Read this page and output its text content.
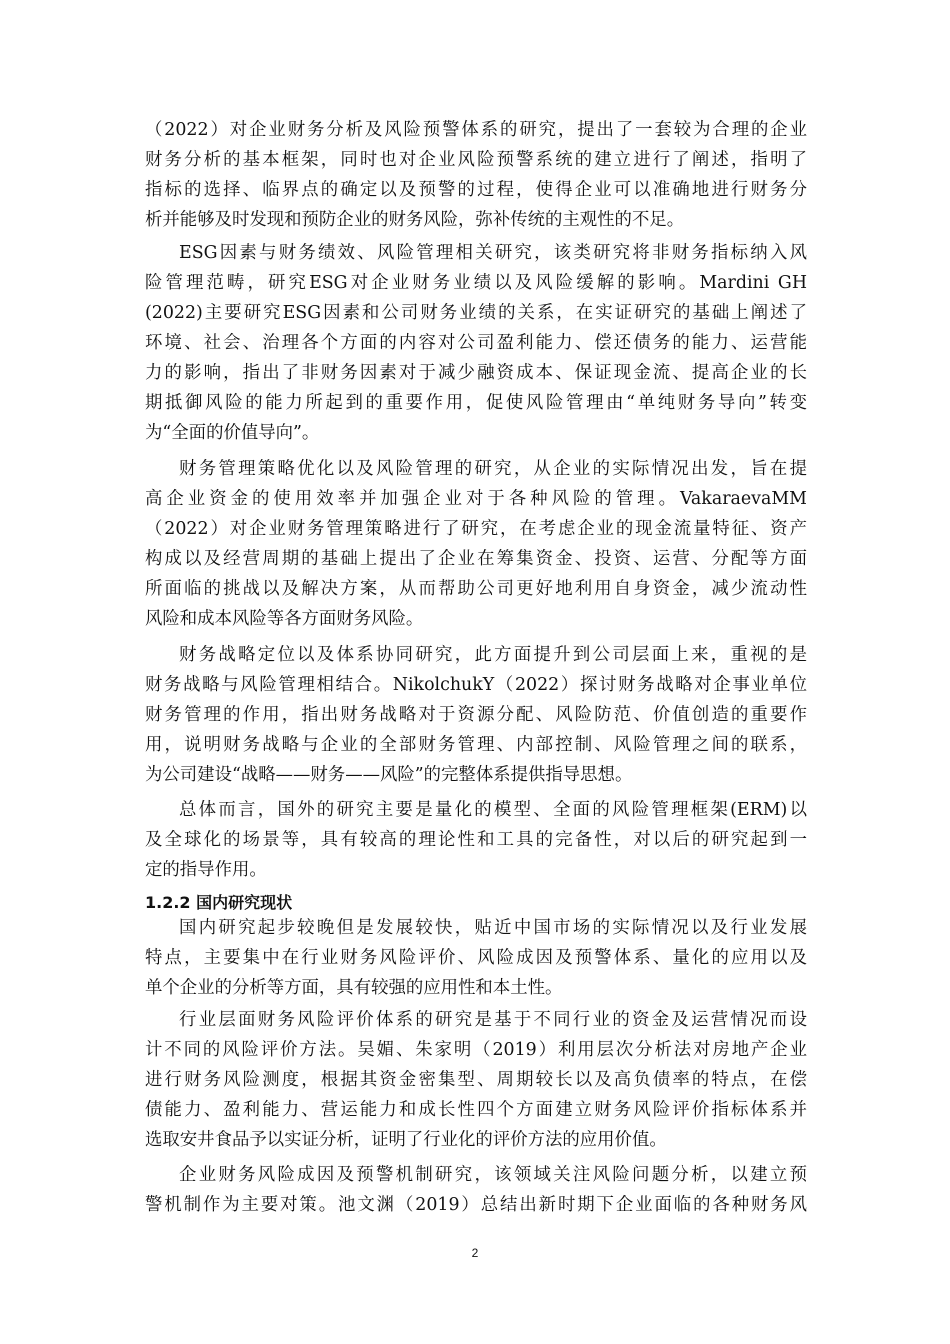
（2022）对企业财务分析及风险预警体系的研究，提出了一套较为合理的企业
财务分析的基本框架，同时也对企业风险预警系统的建立进行了阐述，指明了
指标的选择、临界点的确定以及预警的过程，使得企业可以准确地进行财务分
析并能够及时发现和预防企业的财务风险，弥补传统的主观性的不足。
ESG因素与财务绩效、风险管理相关研究，该类研究将非财务指标纳入风
险管理范畴，研究ESG对企业财务业绩以及风险缓解的影响。Mardini GH
(2022)主要研究ESG因素和公司财务业绩的关系，在实证研究的基础上阐述了
环境、社会、治理各个方面的内容对公司盈利能力、偿还债务的能力、运营能
力的影响，指出了非财务因素对于减少融资成本、保证现金流、提高企业的长
期抵御风险的能力所起到的重要作用，促使风险管理由“单纯财务导向”转变
为“全面的价值导向”。
财务管理策略优化以及风险管理的研究，从企业的实际情况出发，旨在提
高企业资金的使用效率并加强企业对于各种风险的管理。VakaraevaMM
（2022）对企业财务管理策略进行了研究，在考虑企业的现金流量特征、资产
构成以及经营周期的基础上提出了企业在筹集资金、投资、运营、分配等方面
所面临的挑战以及解决方案，从而帮助公司更好地利用自身资金，减少流动性
风险和成本风险等各方面财务风险。
财务战略定位以及体系协同研究，此方面提升到公司层面上来，重视的是
财务战略与风险管理相结合。NikolchukY（2022）探讨财务战略对企事业单位
财务管理的作用，指出财务战略对于资源分配、风险防范、价值创造的重要作
用，说明财务战略与企业的全部财务管理、内部控制、风险管理之间的联系，
为公司建设“战略——财务——风险”的完整体系提供指导思想。
总体而言，国外的研究主要是量化的模型、全面的风险管理框架(ERM)以
及全球化的场景等，具有较高的理论性和工具的完备性，对以后的研究起到一
定的指导作用。
1.2.2 国内研究现状
国内研究起步较晚但是发展较快，贴近中国市场的实际情况以及行业发展
特点，主要集中在行业财务风险评价、风险成因及预警体系、量化的应用以及
单个企业的分析等方面，具有较强的应用性和本土性。
行业层面财务风险评价体系的研究是基于不同行业的资金及运营情况而设
计不同的风险评价方法。吴媚、朱家明（2019）利用层次分析法对房地产企业
进行财务风险测度，根据其资金密集型、周期较长以及高负债率的特点，在偿
债能力、盈利能力、营运能力和成长性四个方面建立财务风险评价指标体系并
选取安井食品予以实证分析，证明了行业化的评价方法的应用价值。
企业财务风险成因及预警机制研究，该领域关注风险问题分析，以建立预
警机制作为主要对策。池文渊（2019）总结出新时期下企业面临的各种财务风
2
